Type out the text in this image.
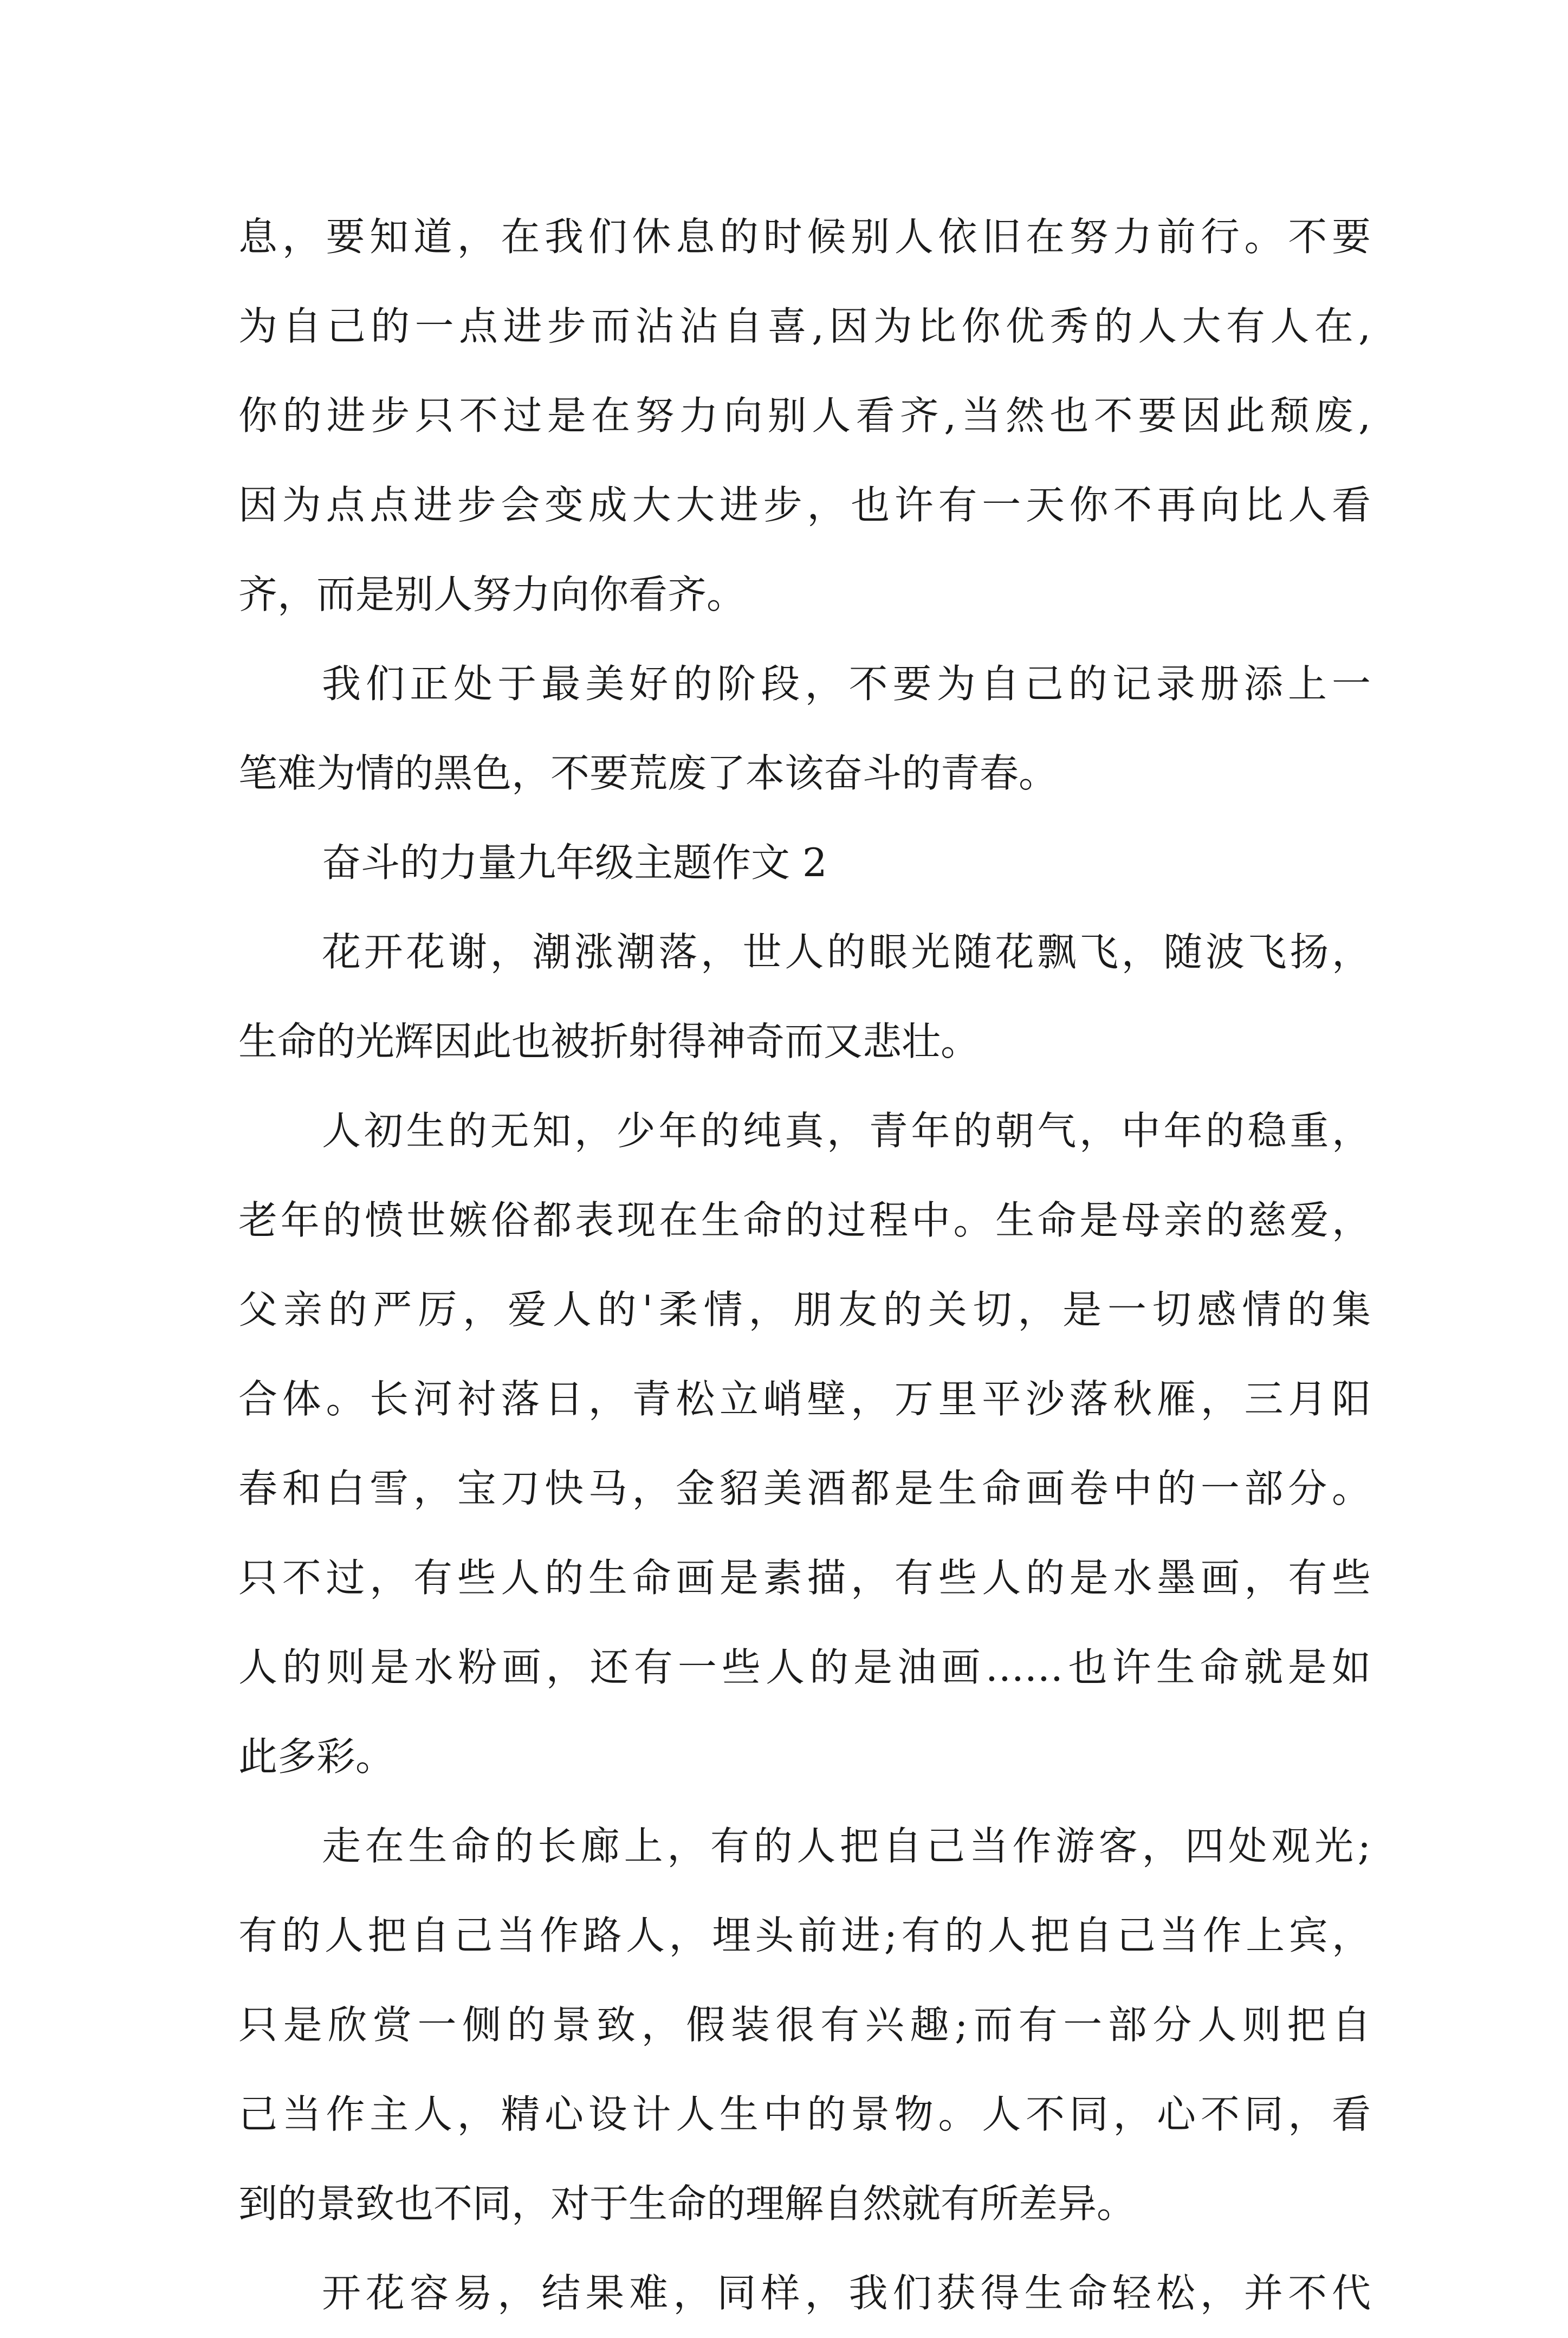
息，要知道，在我们休息的时候别人依旧在努力前行。不要
为自己的一点进步而沾沾自喜,因为比你优秀的人大有人在,
你的进步只不过是在努力向别人看齐,当然也不要因此颓废,
因为点点进步会变成大大进步，也许有一天你不再向比人看
齐，而是别人努力向你看齐。
我们正处于最美好的阶段，不要为自己的记录册添上一
笔难为情的黑色，不要荒废了本该奋斗的青春。
奋斗的力量九年级主题作文 2
花开花谢，潮涨潮落，世人的眼光随花飘飞，随波飞扬，
生命的光辉因此也被折射得神奇而又悲壮。
人初生的无知，少年的纯真，青年的朝气，中年的稳重，
老年的愤世嫉俗都表现在生命的过程中。生命是母亲的慈爱，
父亲的严厉，爱人的'柔情，朋友的关切，是一切感情的集
合体。长河衬落日，青松立峭壁，万里平沙落秋雁，三月阳
春和白雪，宝刀快马，金貂美酒都是生命画卷中的一部分。
只不过，有些人的生命画是素描，有些人的是水墨画，有些
人的则是水粉画，还有一些人的是油画……也许生命就是如
此多彩。
走在生命的长廊上，有的人把自己当作游客，四处观光;
有的人把自己当作路人，埋头前进;有的人把自己当作上宾，
只是欣赏一侧的景致，假装很有兴趣;而有一部分人则把自
己当作主人，精心设计人生中的景物。人不同，心不同，看
到的景致也不同，对于生命的理解自然就有所差异。
开花容易，结果难，同样，我们获得生命轻松，并不代
